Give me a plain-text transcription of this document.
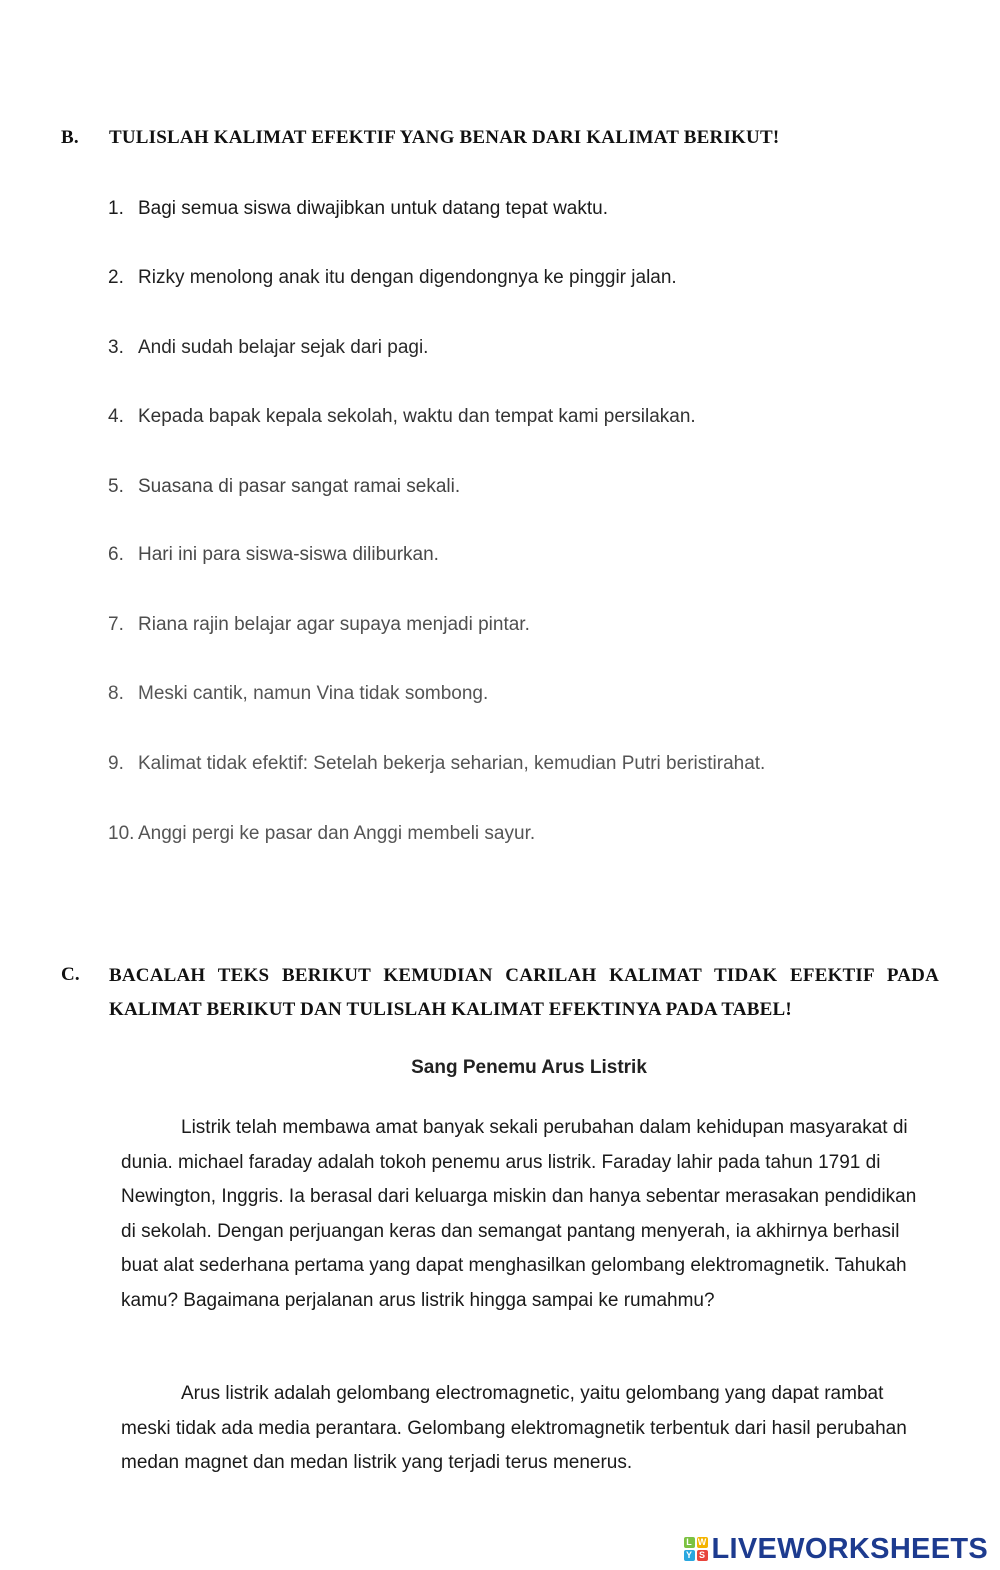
B. TULISLAH KALIMAT EFEKTIF YANG BENAR DARI KALIMAT BERIKUT!
1. Bagi semua siswa diwajibkan untuk datang tepat waktu.
2. Rizky menolong anak itu dengan digendongnya ke pinggir jalan.
3. Andi sudah belajar sejak dari pagi.
4. Kepada bapak kepala sekolah, waktu dan tempat kami persilakan.
5. Suasana di pasar sangat ramai sekali.
6. Hari ini para siswa-siswa diliburkan.
7. Riana rajin belajar agar supaya menjadi pintar.
8. Meski cantik, namun Vina tidak sombong.
9. Kalimat tidak efektif: Setelah bekerja seharian, kemudian Putri beristirahat.
10. Anggi pergi ke pasar dan Anggi membeli sayur.
C. BACALAH TEKS BERIKUT KEMUDIAN CARILAH KALIMAT TIDAK EFEKTIF PADA KALIMAT BERIKUT DAN TULISLAH KALIMAT EFEKTINYA PADA TABEL!
Sang Penemu Arus Listrik

Listrik telah membawa amat banyak sekali perubahan dalam kehidupan masyarakat di dunia. michael faraday adalah tokoh penemu arus listrik. Faraday lahir pada tahun 1791 di Newington, Inggris. Ia berasal dari keluarga miskin dan hanya sebentar merasakan pendidikan di sekolah. Dengan perjuangan keras dan semangat pantang menyerah, ia akhirnya berhasil buat alat sederhana pertama yang dapat menghasilkan gelombang elektromagnetik. Tahukah kamu? Bagaimana perjalanan arus listrik hingga sampai ke rumahmu?

Arus listrik adalah gelombang electromagnetic, yaitu gelombang yang dapat rambat meski tidak ada media perantara. Gelombang elektromagnetik terbentuk dari hasil perubahan medan magnet dan medan listrik yang terjadi terus menerus.

L W
Y S LIVEWORKSHEETS
